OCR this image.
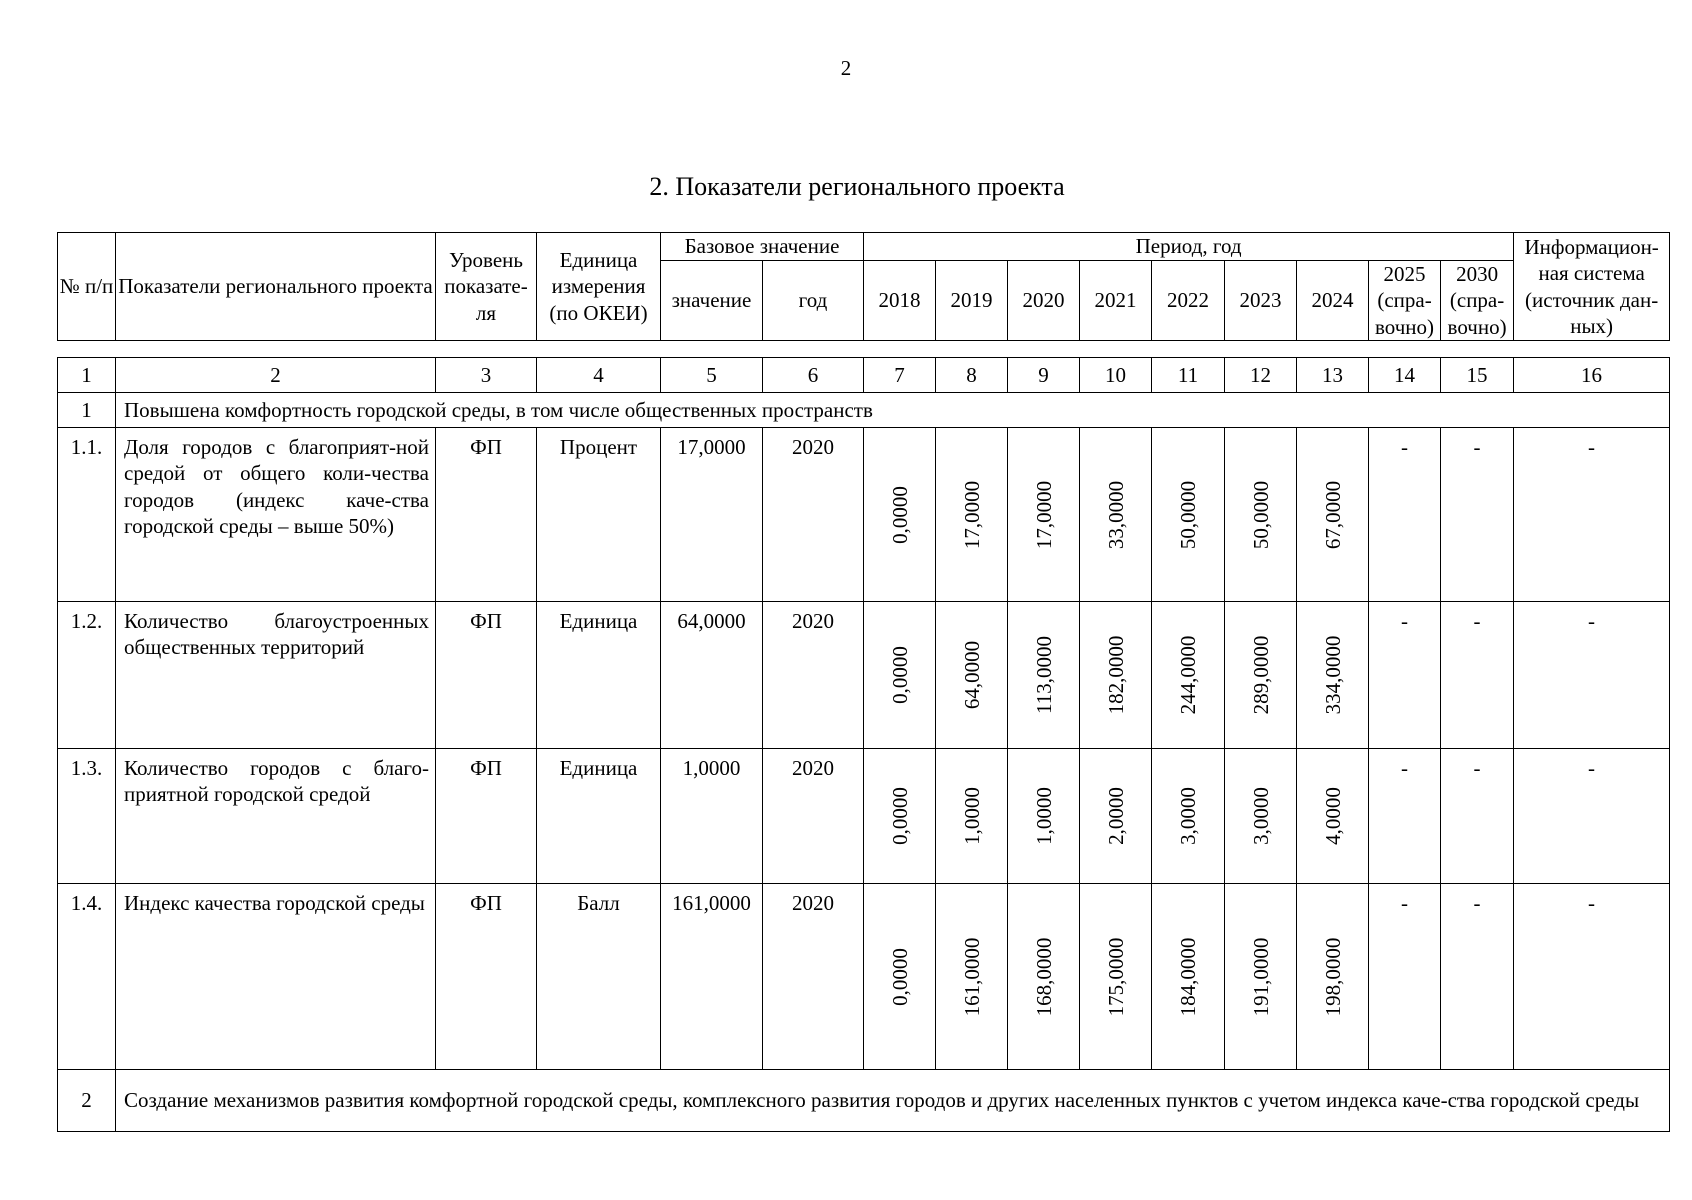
2
2. Показатели регионального проекта
№ п/п	Показатели регионального проекта	Уровень показате-ля	Единица измерения (по ОКЕИ)	Базовое значение		Период, год									Информацион-ная система (источник дан-ных)
				значение	год	2018	2019	2020	2021	2022	2023	2024	2025 (спра-вочно)	2030 (спра-вочно)	
1	2	3	4	5	6	7	8	9	10	11	12	13	14	15	16
1	Повышена комфортность городской среды, в том числе общественных пространств														
1.1.	Доля городов с благоприят-ной средой от общего коли-чества городов (индекс каче-ства городской среды – выше 50%)	ФП	Процент	17,0000	2020	0,0000	17,0000	17,0000	33,0000	50,0000	50,0000	67,0000	-	-	-
1.2.	Количество благоустроенных общественных территорий	ФП	Единица	64,0000	2020	0,0000	64,0000	113,0000	182,0000	244,0000	289,0000	334,0000	-	-	-
1.3.	Количество городов с благо-приятной городской средой	ФП	Единица	1,0000	2020	0,0000	1,0000	1,0000	2,0000	3,0000	3,0000	4,0000	-	-	-
1.4.	Индекс качества городской среды	ФП	Балл	161,0000	2020	0,0000	161,0000	168,0000	175,0000	184,0000	191,0000	198,0000	-	-	-
2	Создание механизмов развития комфортной городской среды, комплексного развития городов и других населенных пунктов с учетом индекса каче-ства городской среды														
